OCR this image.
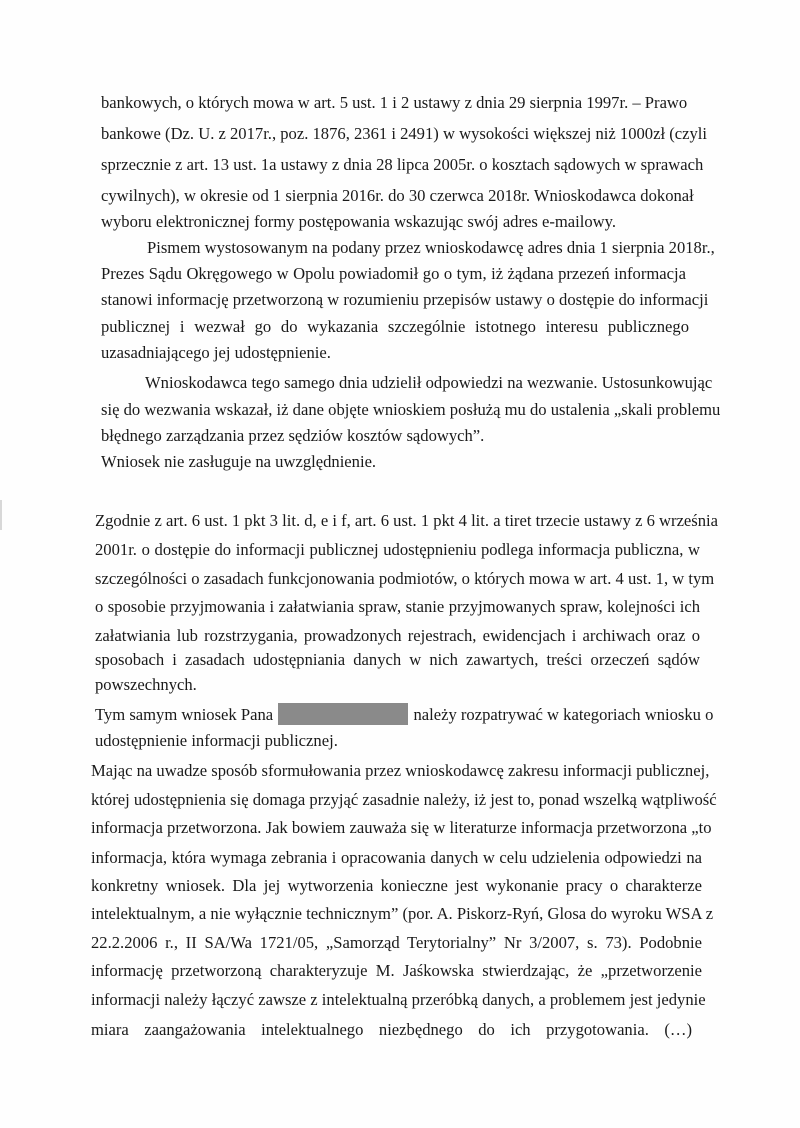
bankowych, o których mowa w art. 5 ust. 1 i 2 ustawy z dnia 29 sierpnia 1997r. – Prawo
bankowe (Dz. U. z 2017r., poz. 1876, 2361 i 2491) w wysokości większej niż 1000zł (czyli
sprzecznie z art. 13 ust. 1a ustawy z dnia 28 lipca 2005r. o kosztach sądowych w sprawach
cywilnych), w okresie od 1 sierpnia 2016r. do 30 czerwca 2018r. Wnioskodawca dokonał
wyboru elektronicznej formy postępowania wskazując swój adres e-mailowy.
Pismem wystosowanym na podany przez wnioskodawcę adres dnia 1 sierpnia 2018r.,
Prezes Sądu Okręgowego w Opolu powiadomił go o tym, iż żądana przezeń informacja
stanowi informację przetworzoną w rozumieniu przepisów ustawy o dostępie do informacji
publicznej i wezwał go do wykazania szczególnie istotnego interesu publicznego
uzasadniającego jej udostępnienie.
Wnioskodawca tego samego dnia udzielił odpowiedzi na wezwanie. Ustosunkowując
się do wezwania wskazał, iż dane objęte wnioskiem posłużą mu do ustalenia „skali problemu
błędnego zarządzania przez sędziów kosztów sądowych”.
Wniosek nie zasługuje na uwzględnienie.
Zgodnie z art. 6 ust. 1 pkt 3 lit. d, e i f, art. 6 ust. 1 pkt 4 lit. a tiret trzecie ustawy z 6 września
2001r. o dostępie do informacji publicznej udostępnieniu podlega informacja publiczna, w
szczególności o zasadach funkcjonowania podmiotów, o których mowa w art. 4 ust. 1, w tym
o sposobie przyjmowania i załatwiania spraw, stanie przyjmowanych spraw, kolejności ich
załatwiania lub rozstrzygania, prowadzonych rejestrach, ewidencjach i archiwach oraz o
sposobach i zasadach udostępniania danych w nich zawartych, treści orzeczeń sądów
powszechnych.
Tym samym wniosek Pana	należy rozpatrywać w kategoriach wniosku o
udostępnienie informacji publicznej.
Mając na uwadze sposób sformułowania przez wnioskodawcę zakresu informacji publicznej,
której udostępnienia się domaga przyjąć zasadnie należy, iż jest to, ponad wszelką wątpliwość
informacja przetworzona. Jak bowiem zauważa się w literaturze informacja przetworzona „to
informacja, która wymaga zebrania i opracowania danych w celu udzielenia odpowiedzi na
konkretny wniosek. Dla jej wytworzenia konieczne jest wykonanie pracy o charakterze
intelektualnym, a nie wyłącznie technicznym” (por. A. Piskorz-Ryń, Glosa do wyroku WSA z
22.2.2006 r., II SA/Wa 1721/05, „Samorząd Terytorialny” Nr 3/2007, s. 73). Podobnie
informację przetworzoną charakteryzuje M. Jaśkowska stwierdzając, że „przetworzenie
informacji należy łączyć zawsze z intelektualną przeróbką danych, a problemem jest jedynie
miara zaangażowania intelektualnego niezbędnego do ich przygotowania. (…)
